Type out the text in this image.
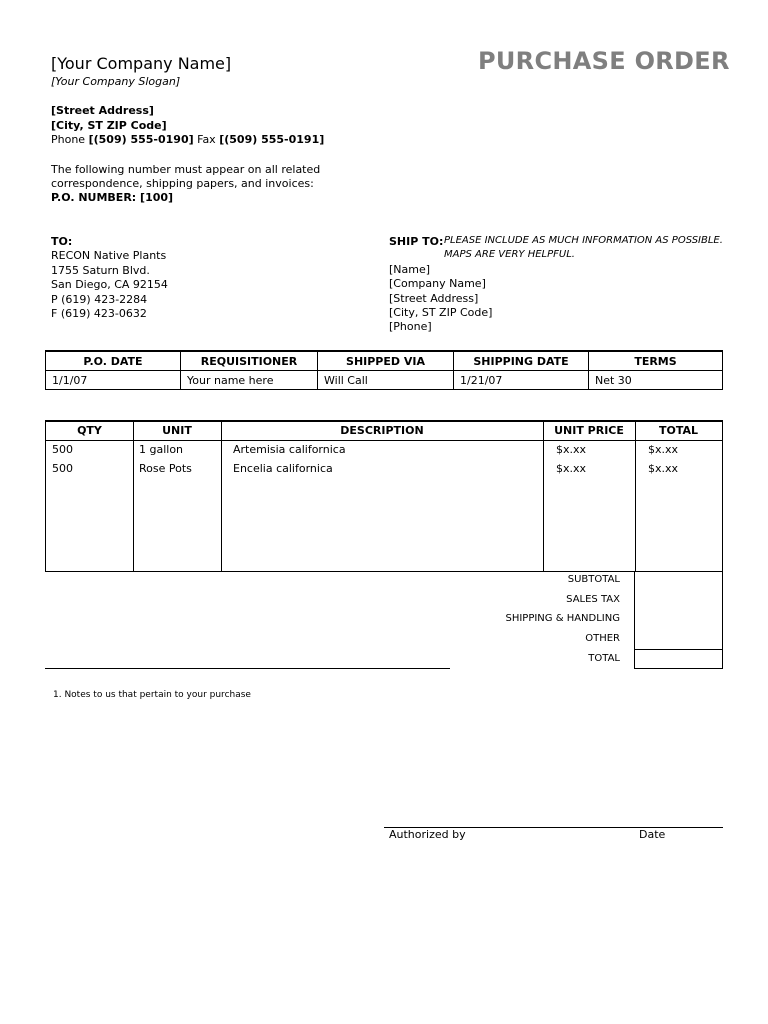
[Your Company Name]
[Your Company Slogan]
PURCHASE ORDER
[Street Address]
[City, ST ZIP Code]
Phone [(509) 555-0190] Fax [(509) 555-0191]
The following number must appear on all related
correspondence, shipping papers, and invoices:
P.O. NUMBER: [100]
TO:
RECON Native Plants
1755 Saturn Blvd.
San Diego, CA 92154
P (619) 423-2284
F (619) 423-0632
SHIP TO: PLEASE INCLUDE AS MUCH INFORMATION AS POSSIBLE.
MAPS ARE VERY HELPFUL.
[Name]
[Company Name]
[Street Address]
[City, ST ZIP Code]
[Phone]
P.O. DATE	REQUISITIONER	SHIPPED VIA	SHIPPING DATE	TERMS
1/1/07	Your name here	Will Call	1/21/07	Net 30
QTY	UNIT	DESCRIPTION	UNIT PRICE	TOTAL
500	1 gallon	Artemisia californica	$x.xx	$x.xx
500	Rose Pots	Encelia californica	$x.xx	$x.xx
SUBTOTAL
SALES TAX
SHIPPING & HANDLING
OTHER
TOTAL
1. Notes to us that pertain to your purchase
Authorized by	Date
